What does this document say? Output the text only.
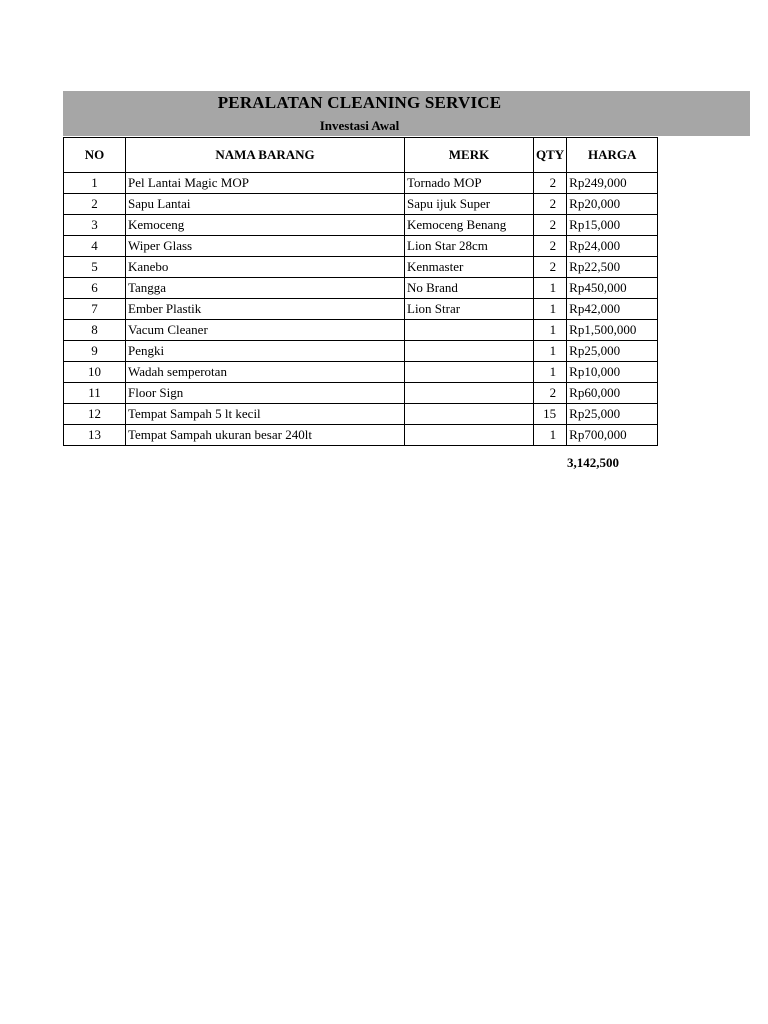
PERALATAN CLEANING SERVICE
Investasi Awal
NO	NAMA BARANG	MERK	QTY	HARGA
1	Pel Lantai Magic MOP	Tornado MOP	2	Rp249,000
2	Sapu Lantai	Sapu ijuk Super	2	Rp20,000
3	Kemoceng	Kemoceng Benang	2	Rp15,000
4	Wiper Glass	Lion Star 28cm	2	Rp24,000
5	Kanebo	Kenmaster	2	Rp22,500
6	Tangga	No Brand	1	Rp450,000
7	Ember Plastik	Lion Strar	1	Rp42,000
8	Vacum Cleaner		1	Rp1,500,000
9	Pengki		1	Rp25,000
10	Wadah semperotan		1	Rp10,000
11	Floor Sign		2	Rp60,000
12	Tempat Sampah 5 lt kecil		15	Rp25,000
13	Tempat Sampah ukuran besar 240lt		1	Rp700,000
3,142,500
